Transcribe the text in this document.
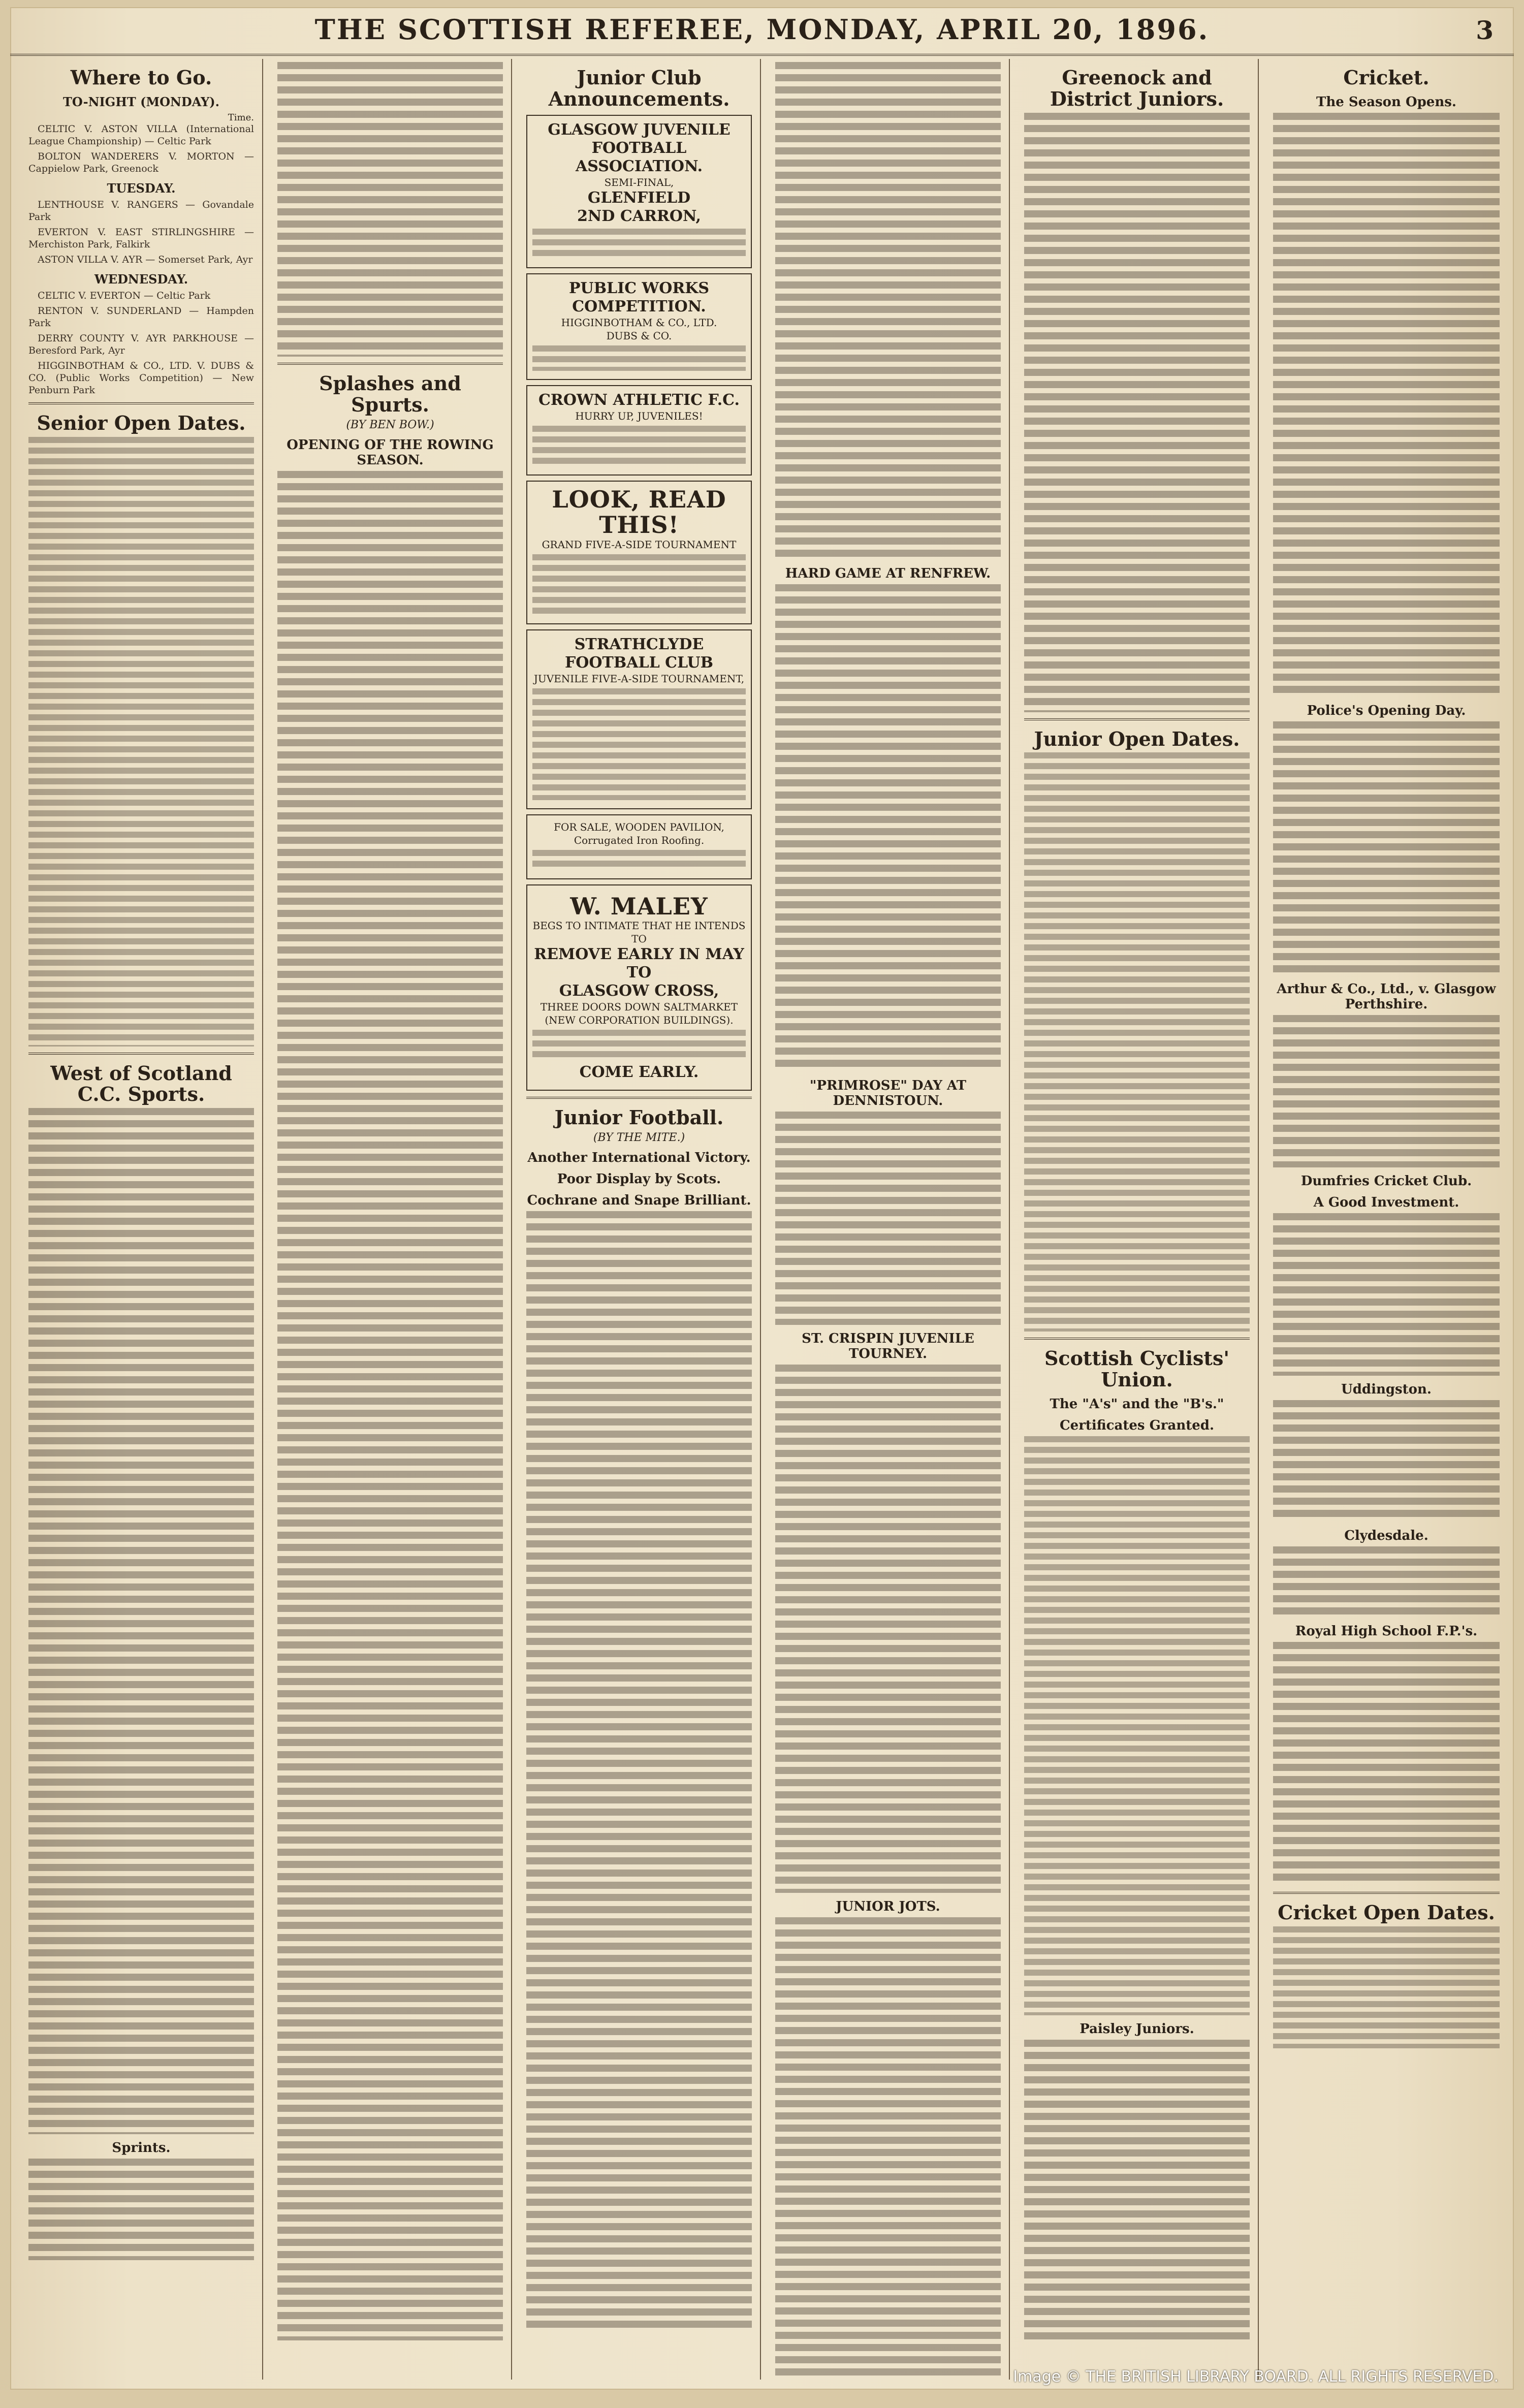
THE SCOTTISH REFEREE, MONDAY, APRIL 20, 1896.	3
Where to Go.
TO-NIGHT (MONDAY).
Time.

CELTIC V. ASTON VILLA (International League Championship) — Celtic Park

BOLTON WANDERERS V. MORTON — Cappielow Park, Greenock

TUESDAY.

LENTHOUSE V. RANGERS — Govandale Park

EVERTON V. EAST STIRLINGSHIRE — Merchiston Park, Falkirk

ASTON VILLA V. AYR — Somerset Park, Ayr

WEDNESDAY.

CELTIC V. EVERTON — Celtic Park

RENTON V. SUNDERLAND — Hampden Park

DERRY COUNTY V. AYR PARKHOUSE — Beresford Park, Ayr

HIGGINBOTHAM & CO., LTD. V. DUBS & CO. (Public Works Competition) — New Penburn Park

Senior Open Dates.
West of Scotland C.C. Sports.
Sprints.
Splashes and Spurts.
(BY BEN BOW.)
OPENING OF THE ROWING SEASON.
Junior Club Announcements.
GLASGOW JUVENILE FOOTBALL ASSOCIATION.
SEMI-FINAL,
GLENFIELD
2ND CARRON,
PUBLIC WORKS COMPETITION.
HIGGINBOTHAM & CO., LTD.
DUBS & CO.
CROWN ATHLETIC F.C.
HURRY UP, JUVENILES!
LOOK, READ THIS!
GRAND FIVE-A-SIDE TOURNAMENT
STRATHCLYDE FOOTBALL CLUB
JUVENILE FIVE-A-SIDE TOURNAMENT,
FOR SALE, WOODEN PAVILION,
Corrugated Iron Roofing.
W. MALEY
BEGS TO INTIMATE THAT HE INTENDS TO
REMOVE EARLY IN MAY TO
GLASGOW CROSS,
THREE DOORS DOWN SALTMARKET
(NEW CORPORATION BUILDINGS).
COME EARLY.
Junior Football.
(BY THE MITE.)
Another International Victory.
Poor Display by Scots.
Cochrane and Snape Brilliant.
HARD GAME AT RENFREW.
"PRIMROSE" DAY AT DENNISTOUN.
ST. CRISPIN JUVENILE TOURNEY.
JUNIOR JOTS.
Greenock and District Juniors.
Junior Open Dates.
Scottish Cyclists' Union.
The "A's" and the "B's."
Certificates Granted.
Paisley Juniors.
Cricket.
The Season Opens.
Police's Opening Day.
Arthur & Co., Ltd., v. Glasgow Perthshire.
Dumfries Cricket Club.
A Good Investment.
Uddingston.
Clydesdale.
Royal High School F.P.'s.
Cricket Open Dates.
Image © THE BRITISH LIBRARY BOARD. ALL RIGHTS RESERVED.
